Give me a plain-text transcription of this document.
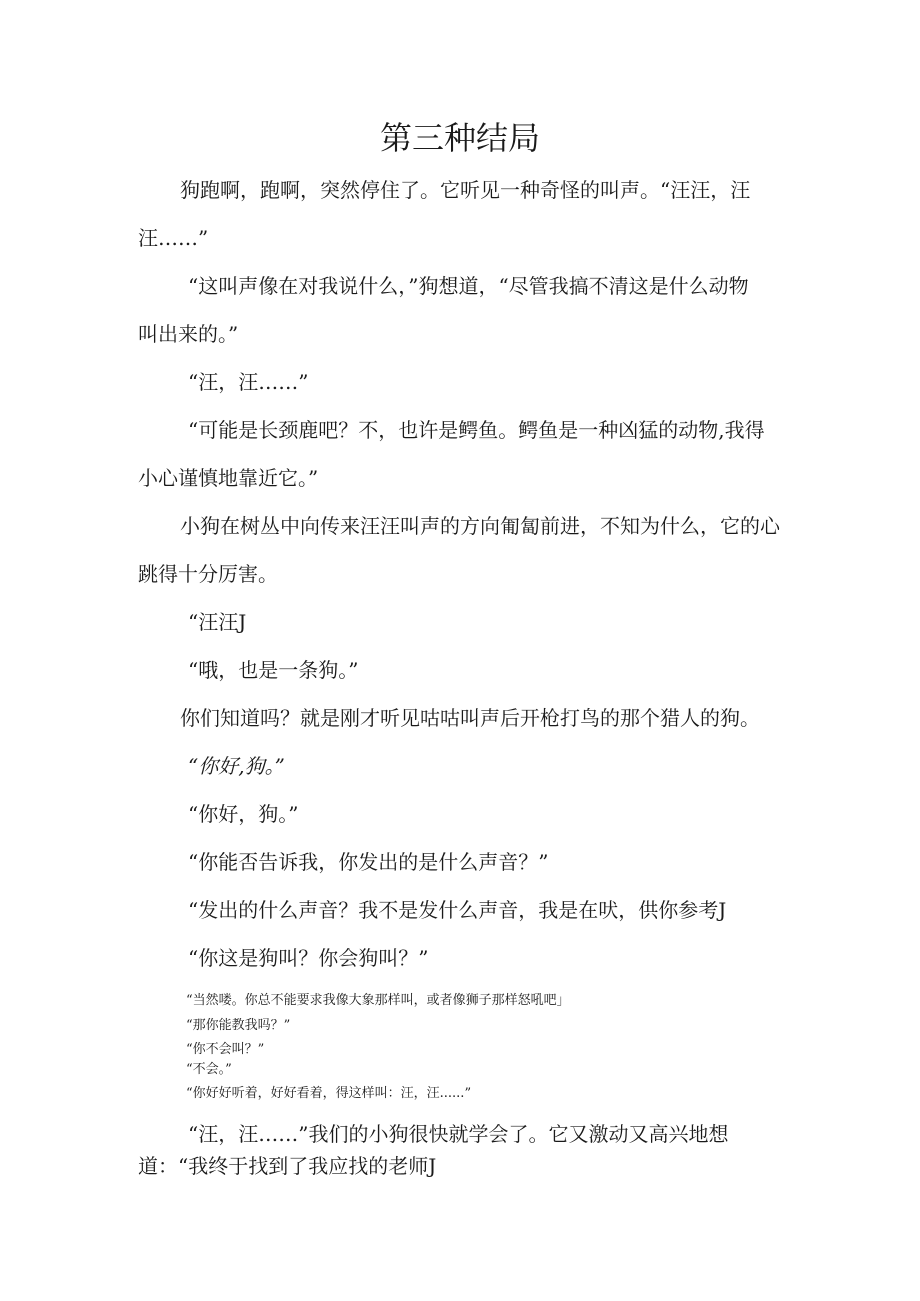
第三种结局

狗跑啊，跑啊，突然停住了。它听见一种奇怪的叫声。“汪汪，汪

汪……”

“这叫声像在对我说什么，”狗想道，“尽管我搞不清这是什么动物

叫出来的。”

“汪，汪……”

“可能是长颈鹿吧？不，也许是鳄鱼。鳄鱼是一种凶猛的动物,我得

小心谨慎地靠近它。”

小狗在树丛中向传来汪汪叫声的方向匍匐前进，不知为什么，它的心

跳得十分厉害。

“汪汪J

“哦，也是一条狗。”

你们知道吗？就是刚才听见咕咕叫声后开枪打鸟的那个猎人的狗。

“你好,狗。”

“你好，狗。”

“你能否告诉我，你发出的是什么声音？”

“发出的什么声音？我不是发什么声音，我是在吠，供你参考J

“你这是狗叫？你会狗叫？”

“当然喽。你总不能要求我像大象那样叫，或者像狮子那样怒吼吧」

“那你能教我吗？”

“你不会叫？”

“不会。”

“你好好听着，好好看着，得这样叫：汪，汪......”

“汪，汪……”我们的小狗很快就学会了。它又激动又高兴地想

道：“我终于找到了我应找的老师J
